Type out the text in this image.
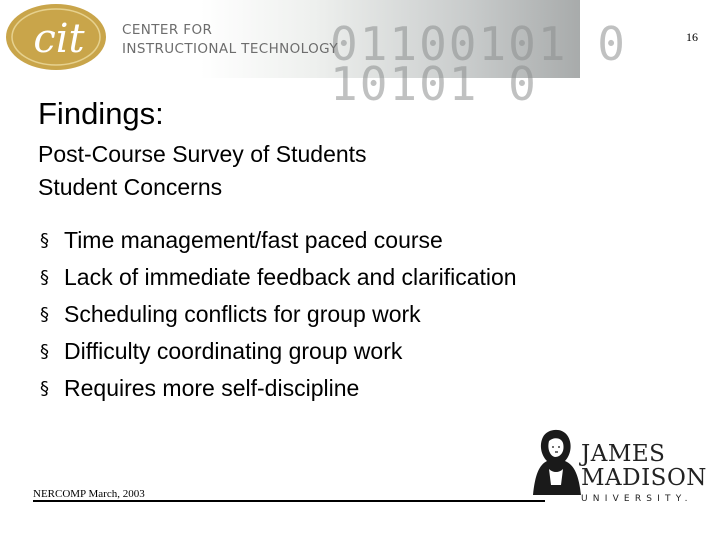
01100101 0
10101 0
cit	CENTER FOR
INSTRUCTIONAL TECHNOLOGY
16
Findings:
Post-Course Survey of Students
Student Concerns
§ Time management/fast paced course
§ Lack of immediate feedback and clarification
§ Scheduling conflicts for group work
§ Difficulty coordinating group work
§ Requires more self-discipline
NERCOMP March, 2003
JAMES
MADISON
UNIVERSITY.
